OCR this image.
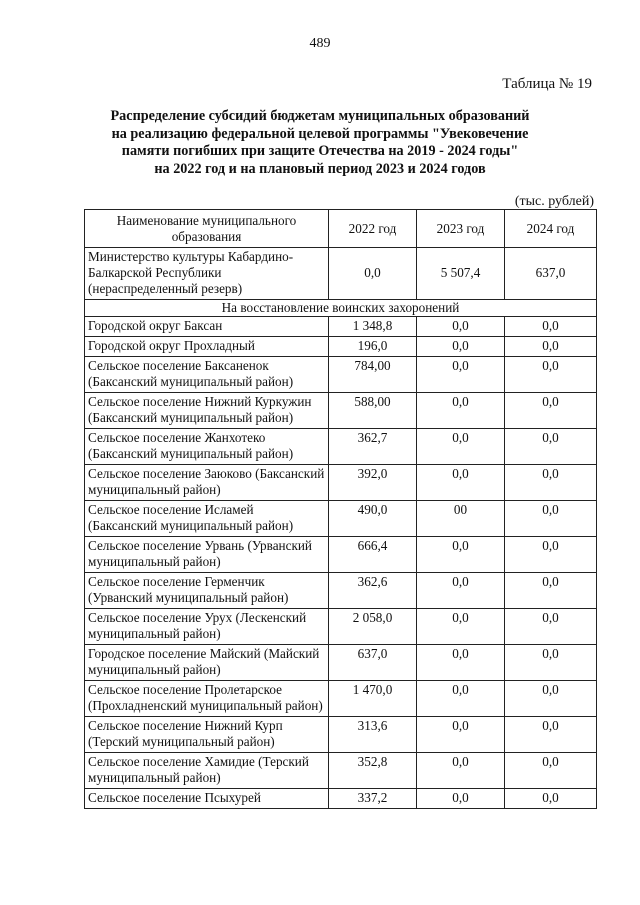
489
Таблица № 19
Распределение субсидий бюджетам муниципальных образований
на реализацию федеральной целевой программы "Увековечение
памяти погибших при защите Отечества на 2019 - 2024 годы"
на 2022 год и на плановый период 2023 и 2024 годов
(тыс. рублей)
Наименование муниципального образования	2022 год	2023 год	2024 год
Министерство культуры Кабардино-Балкарской Республики (нераспределенный резерв)	0,0	5 507,4	637,0
На восстановление воинских захоронений			
Городской округ Баксан	1 348,8	0,0	0,0
Городской округ Прохладный	196,0	0,0	0,0
Сельское поселение Баксаненок (Баксанский муниципальный район)	784,00	0,0	0,0
Сельское поселение Нижний Куркужин (Баксанский муниципальный район)	588,00	0,0	0,0
Сельское поселение Жанхотеко (Баксанский муниципальный район)	362,7	0,0	0,0
Сельское поселение Заюково (Баксанский муниципальный район)	392,0	0,0	0,0
Сельское поселение Исламей (Баксанский муниципальный район)	490,0	00	0,0
Сельское поселение Урвань (Урванский муниципальный район)	666,4	0,0	0,0
Сельское поселение Герменчик (Урванский муниципальный район)	362,6	0,0	0,0
Сельское поселение Урух (Лескенский муниципальный район)	2 058,0	0,0	0,0
Городское поселение Майский (Майский муниципальный район)	637,0	0,0	0,0
Сельское поселение Пролетарское (Прохладненский муниципальный район)	1 470,0	0,0	0,0
Сельское поселение Нижний Курп (Терский муниципальный район)	313,6	0,0	0,0
Сельское поселение Хамидие (Терский муниципальный район)	352,8	0,0	0,0
Сельское поселение Псыхурей	337,2	0,0	0,0
